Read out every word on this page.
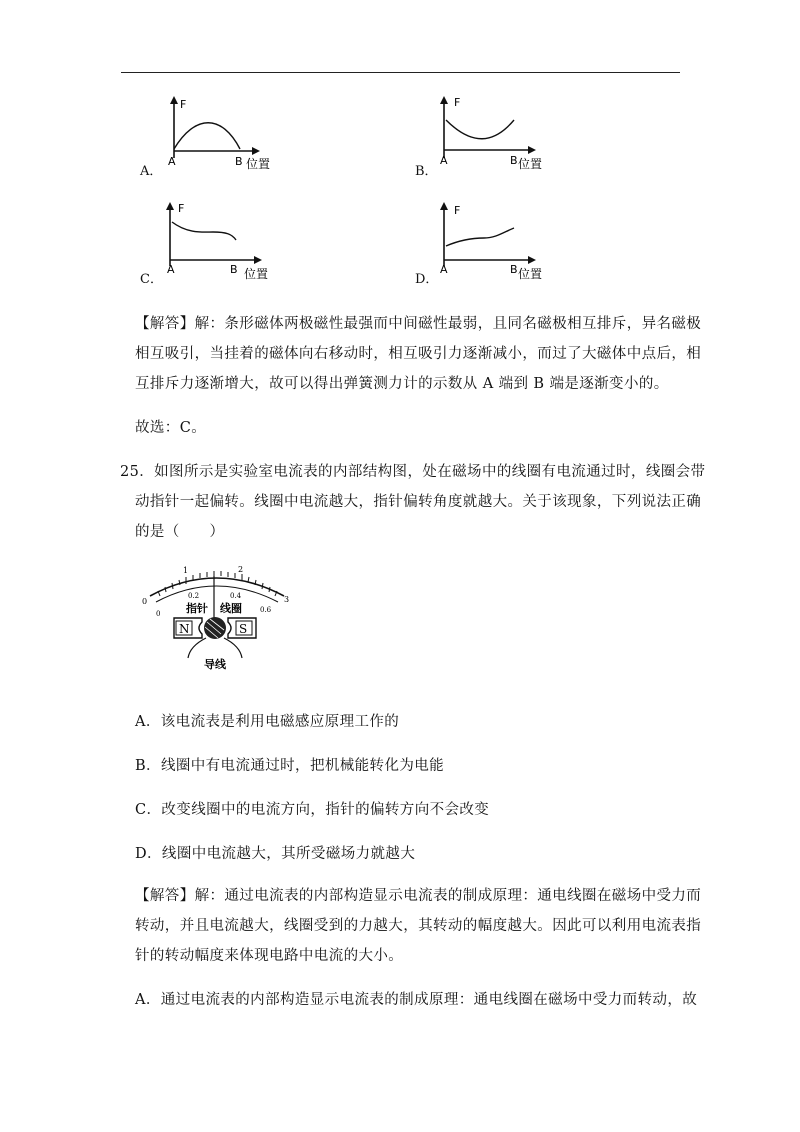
A．
F
A	B 位置	B．
F
A	B 位置
C．
F
A	B 位置	D．
F
A	B 位置
【解答】解：条形磁体两极磁性最强而中间磁性最弱，且同名磁极相互排斥，异名磁极
相互吸引，当挂着的磁体向右移动时，相互吸引力逐渐减小，而过了大磁体中点后，相
互排斥力逐渐增大，故可以得出弹簧测力计的示数从 A 端到 B 端是逐渐变小的。
故选：C。
25．如图所示是实验室电流表的内部结构图，处在磁场中的线圈有电流通过时，线圈会带
动指针一起偏转。线圈中电流越大，指针偏转角度就越大。关于该现象，下列说法正确
的是（　　）
0
1	2
3
0
0.2	0.4
0.6
指针 线圈
N	S
导线
A．该电流表是利用电磁感应原理工作的
B．线圈中有电流通过时，把机械能转化为电能
C．改变线圈中的电流方向，指针的偏转方向不会改变
D．线圈中电流越大，其所受磁场力就越大
【解答】解：通过电流表的内部构造显示电流表的制成原理：通电线圈在磁场中受力而
转动，并且电流越大，线圈受到的力越大，其转动的幅度越大。因此可以利用电流表指
针的转动幅度来体现电路中电流的大小。
A．通过电流表的内部构造显示电流表的制成原理：通电线圈在磁场中受力而转动，故
